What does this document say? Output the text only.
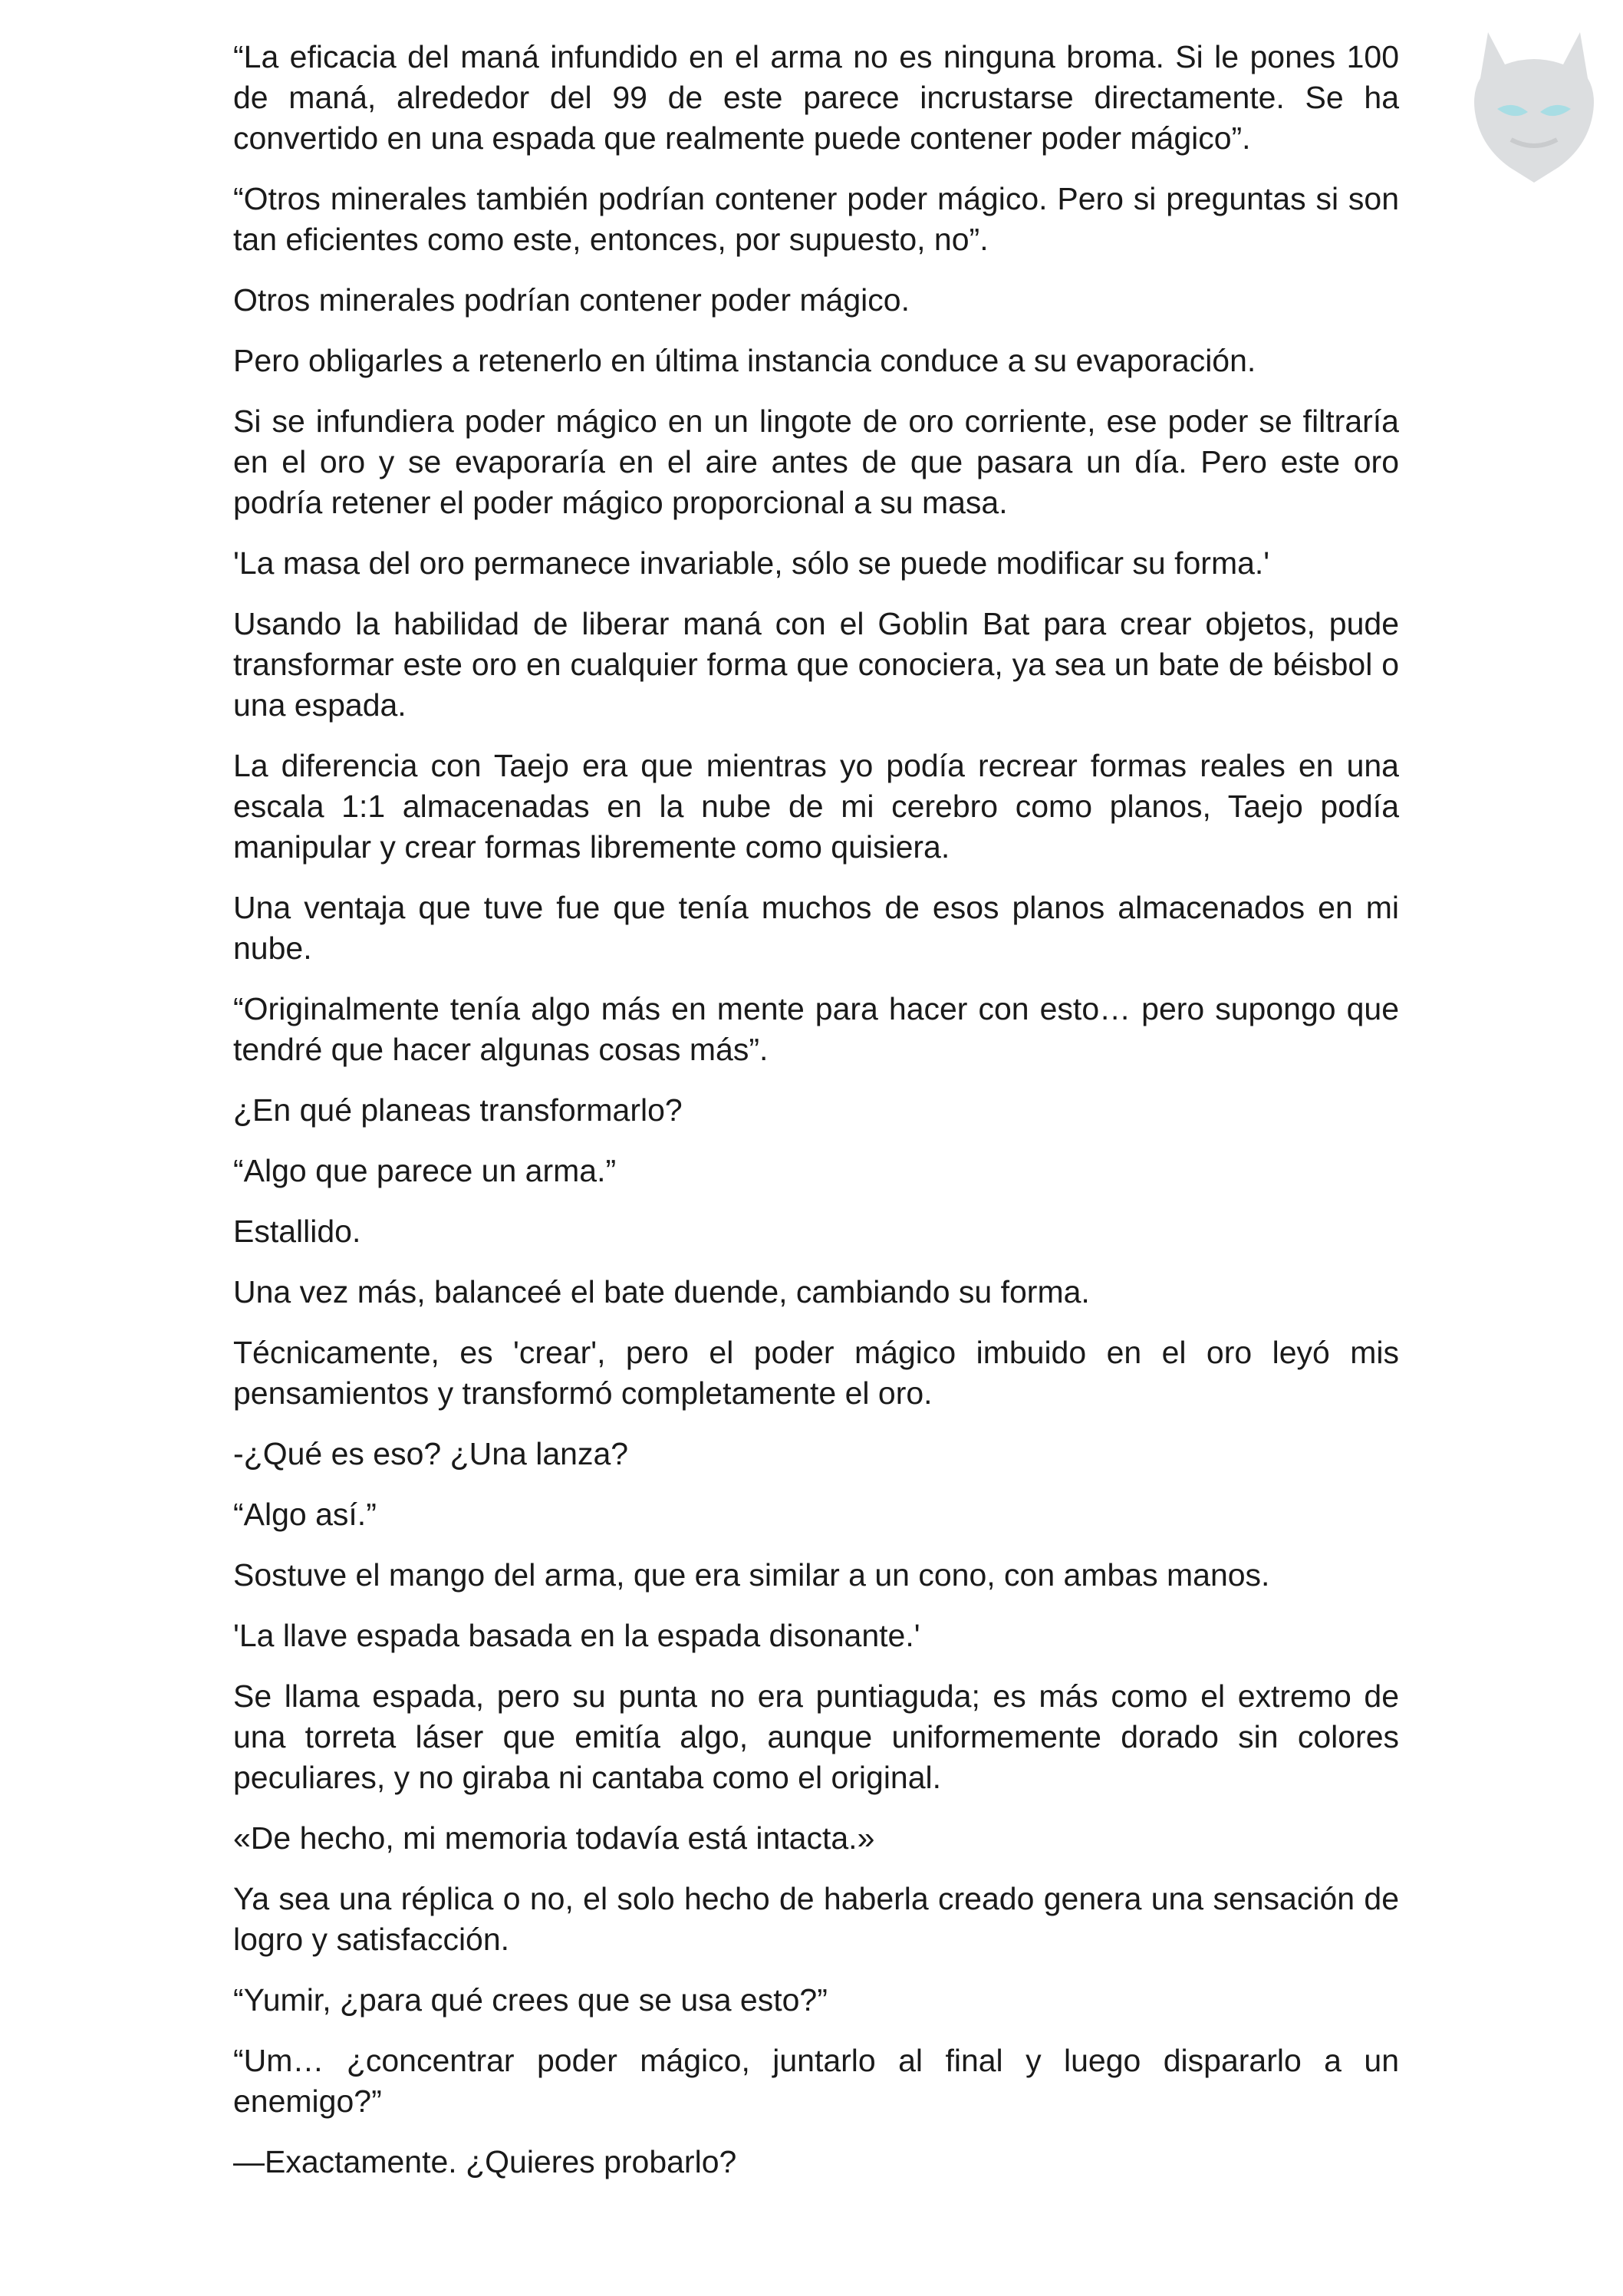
“La eficacia del maná infundido en el arma no es ninguna broma. Si le pones 100 de maná, alrededor del 99 de este parece incrustarse directamente. Se ha convertido en una espada que realmente puede contener poder mágico”.

“Otros minerales también podrían contener poder mágico. Pero si preguntas si son tan eficientes como este, entonces, por supuesto, no”.

Otros minerales podrían contener poder mágico.

Pero obligarles a retenerlo en última instancia conduce a su evaporación.

Si se infundiera poder mágico en un lingote de oro corriente, ese poder se filtraría en el oro y se evaporaría en el aire antes de que pasara un día. Pero este oro podría retener el poder mágico proporcional a su masa.

'La masa del oro permanece invariable, sólo se puede modificar su forma.'

Usando la habilidad de liberar maná con el Goblin Bat para crear objetos, pude transformar este oro en cualquier forma que conociera, ya sea un bate de béisbol o una espada.

La diferencia con Taejo era que mientras yo podía recrear formas reales en una escala 1:1 almacenadas en la nube de mi cerebro como planos, Taejo podía manipular y crear formas libremente como quisiera.

Una ventaja que tuve fue que tenía muchos de esos planos almacenados en mi nube.

“Originalmente tenía algo más en mente para hacer con esto… pero supongo que tendré que hacer algunas cosas más”.

¿En qué planeas transformarlo?

“Algo que parece un arma.”

Estallido.

Una vez más, balanceé el bate duende, cambiando su forma.

Técnicamente, es 'crear', pero el poder mágico imbuido en el oro leyó mis pensamientos y transformó completamente el oro.

-¿Qué es eso? ¿Una lanza?

“Algo así.”

Sostuve el mango del arma, que era similar a un cono, con ambas manos.

'La llave espada basada en la espada disonante.'

Se llama espada, pero su punta no era puntiaguda; es más como el extremo de una torreta láser que emitía algo, aunque uniformemente dorado sin colores peculiares, y no giraba ni cantaba como el original.

«De hecho, mi memoria todavía está intacta.»

Ya sea una réplica o no, el solo hecho de haberla creado genera una sensación de logro y satisfacción.

“Yumir, ¿para qué crees que se usa esto?”

“Um… ¿concentrar poder mágico, juntarlo al final y luego dispararlo a un enemigo?”

—Exactamente. ¿Quieres probarlo?
